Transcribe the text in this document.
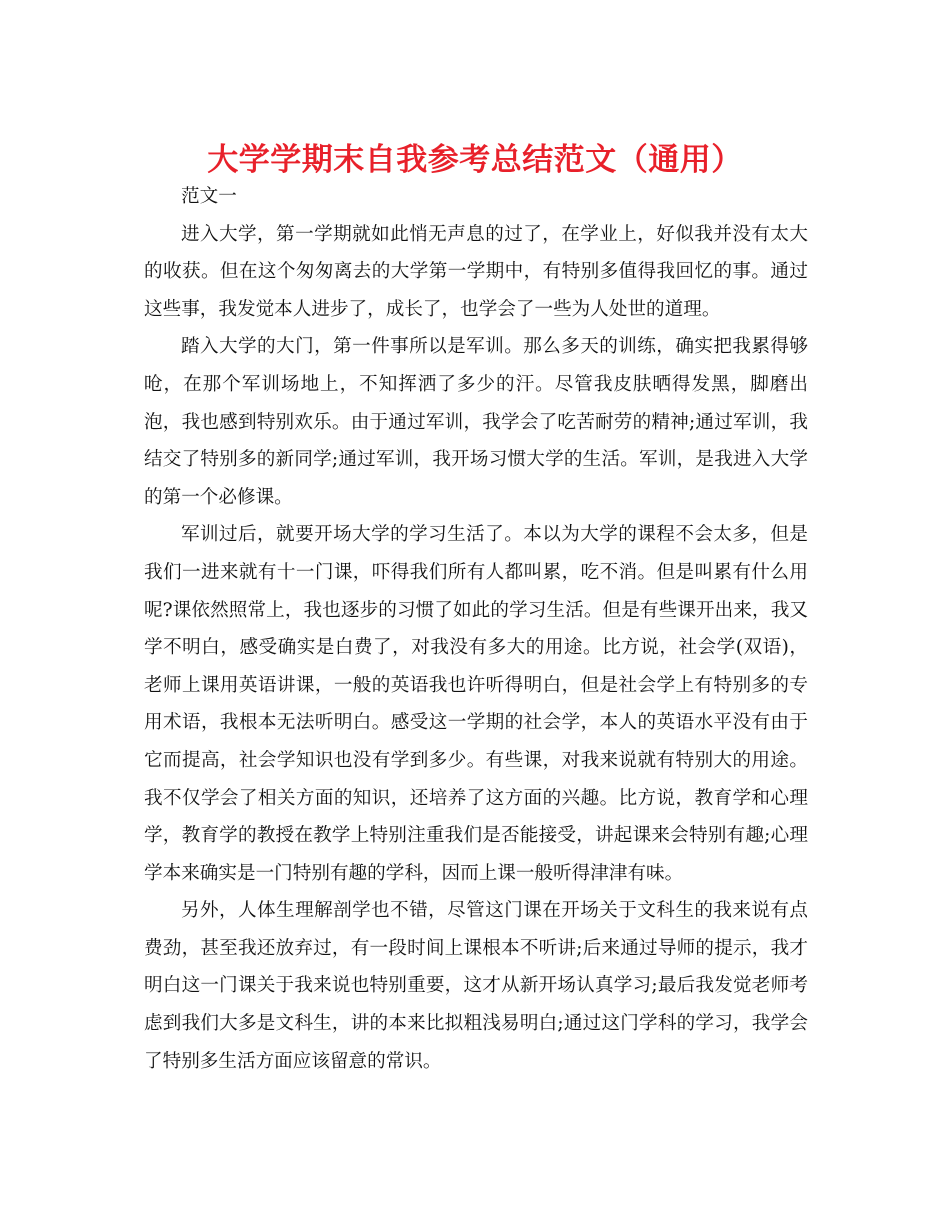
大学学期末自我参考总结范文（通用）

范文一

进入大学，第一学期就如此悄无声息的过了，在学业上，好似我并没有太大的收获。但在这个匆匆离去的大学第一学期中，有特别多值得我回忆的事。通过这些事，我发觉本人进步了，成长了，也学会了一些为人处世的道理。

踏入大学的大门，第一件事所以是军训。那么多天的训练，确实把我累得够呛，在那个军训场地上，不知挥洒了多少的汗。尽管我皮肤晒得发黑，脚磨出泡，我也感到特别欢乐。由于通过军训，我学会了吃苦耐劳的精神;通过军训，我结交了特别多的新同学;通过军训，我开场习惯大学的生活。军训，是我进入大学的第一个必修课。

军训过后，就要开场大学的学习生活了。本以为大学的课程不会太多，但是我们一进来就有十一门课，吓得我们所有人都叫累，吃不消。但是叫累有什么用呢?课依然照常上，我也逐步的习惯了如此的学习生活。但是有些课开出来，我又学不明白，感受确实是白费了，对我没有多大的用途。比方说，社会学(双语)，老师上课用英语讲课，一般的英语我也许听得明白，但是社会学上有特别多的专用术语，我根本无法听明白。感受这一学期的社会学，本人的英语水平没有由于它而提高，社会学知识也没有学到多少。有些课，对我来说就有特别大的用途。我不仅学会了相关方面的知识，还培养了这方面的兴趣。比方说，教育学和心理学，教育学的教授在教学上特别注重我们是否能接受，讲起课来会特别有趣;心理学本来确实是一门特别有趣的学科，因而上课一般听得津津有味。

另外，人体生理解剖学也不错，尽管这门课在开场关于文科生的我来说有点费劲，甚至我还放弃过，有一段时间上课根本不听讲;后来通过导师的提示，我才明白这一门课关于我来说也特别重要，这才从新开场认真学习;最后我发觉老师考虑到我们大多是文科生，讲的本来比拟粗浅易明白;通过这门学科的学习，我学会了特别多生活方面应该留意的常识。
